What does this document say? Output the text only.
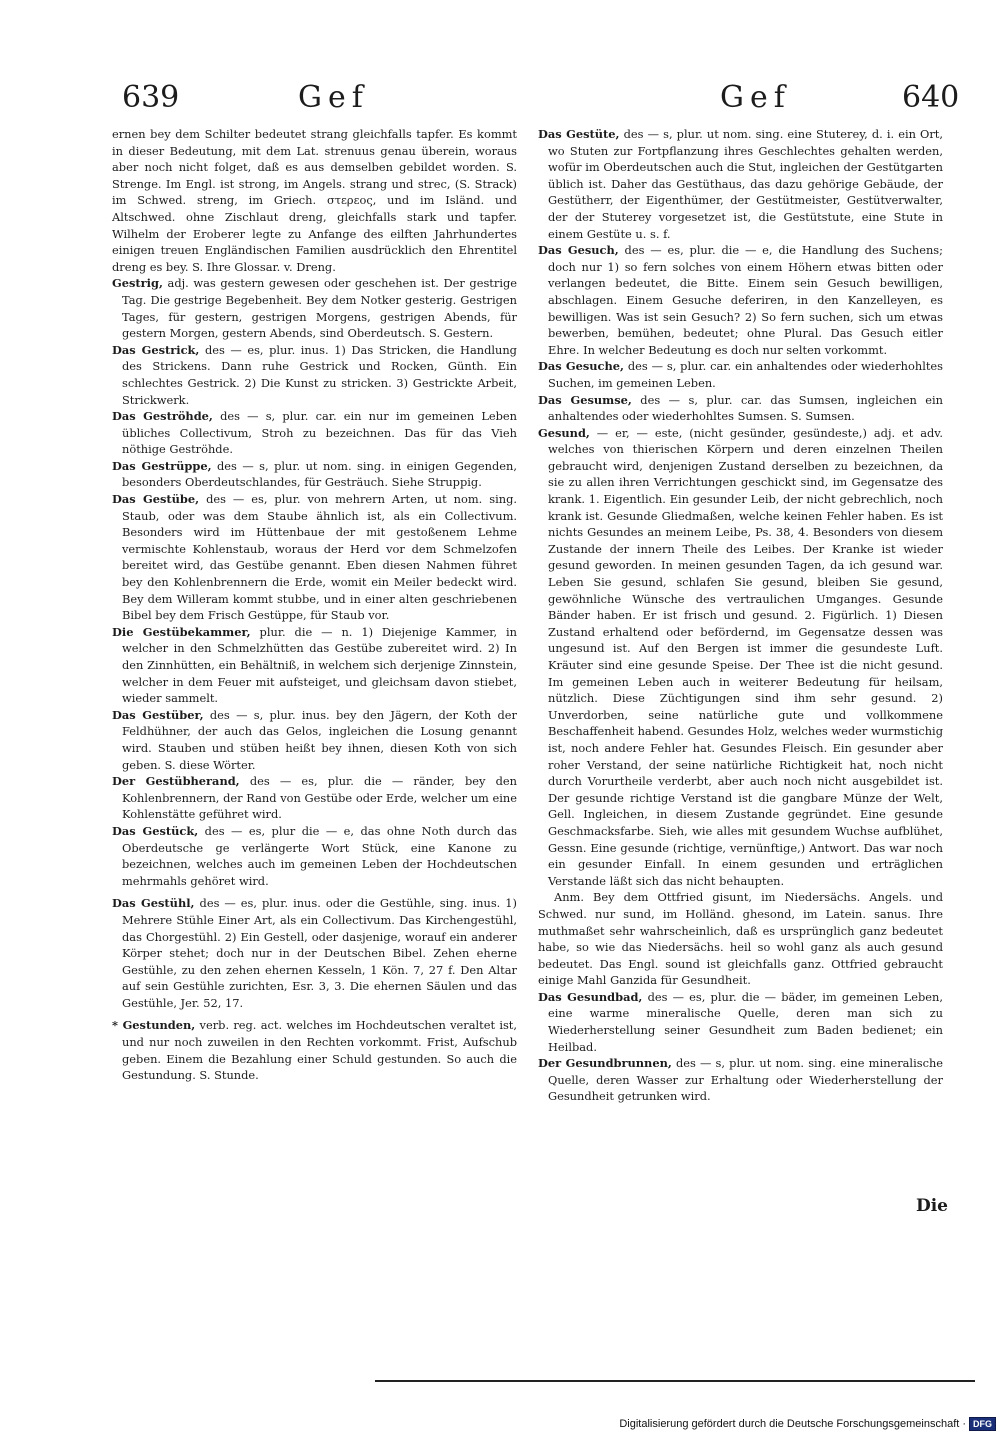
639	Gef	Gef	640
ernen bey dem Schilter bedeutet strang gleichfalls tapfer. Es kommt in dieser Bedeutung, mit dem Lat. strenuus genau überein, woraus aber noch nicht folget, daß es aus demselben gebildet worden. S. Strenge. Im Engl. ist strong, im Angels. strang und strec, (S. Strack) im Schwed. streng, im Griech. στερεος, und im Isländ. und Altschwed. ohne Zischlaut dreng, gleichfalls stark und tapfer. Wilhelm der Eroberer legte zu Anfange des eilften Jahrhundertes einigen treuen Engländischen Familien ausdrücklich den Ehrentitel dreng es bey. S. Ihre Glossar. v. Dreng.
Gestrig, adj. was gestern gewesen oder geschehen ist. Der gestrige Tag. Die gestrige Begebenheit. Bey dem Notker gesterig. Gestrigen Tages, für gestern, gestrigen Morgens, gestrigen Abends, für gestern Morgen, gestern Abends, sind Oberdeutsch. S. Gestern.
Das Gestrick, des — es, plur. inus. 1) Das Stricken, die Handlung des Strickens. Dann ruhe Gestrick und Rocken, Günth. Ein schlechtes Gestrick. 2) Die Kunst zu stricken. 3) Gestrickte Arbeit, Strickwerk.
Das Geströhde, des — s, plur. car. ein nur im gemeinen Leben übliches Collectivum, Stroh zu bezeichnen. Das für das Vieh nöthige Geströhde.
Das Gestrüppe, des — s, plur. ut nom. sing. in einigen Gegenden, besonders Oberdeutschlandes, für Gesträuch. Siehe Struppig.
Das Gestübe, des — es, plur. von mehrern Arten, ut nom. sing. Staub, oder was dem Staube ähnlich ist, als ein Collectivum. Besonders wird im Hüttenbaue der mit gestoßenem Lehme vermischte Kohlenstaub, woraus der Herd vor dem Schmelzofen bereitet wird, das Gestübe genannt. Eben diesen Nahmen führet bey den Kohlenbrennern die Erde, womit ein Meiler bedeckt wird. Bey dem Willeram kommt stubbe, und in einer alten geschriebenen Bibel bey dem Frisch Gestüppe, für Staub vor.
Die Gestübekammer, plur. die — n. 1) Diejenige Kammer, in welcher in den Schmelzhütten das Gestübe zubereitet wird. 2) In den Zinnhütten, ein Behältniß, in welchem sich derjenige Zinnstein, welcher in dem Feuer mit aufsteiget, und gleichsam davon stiebet, wieder sammelt.
Das Gestüber, des — s, plur. inus. bey den Jägern, der Koth der Feldhühner, der auch das Gelos, ingleichen die Losung genannt wird. Stauben und stüben heißt bey ihnen, diesen Koth von sich geben. S. diese Wörter.
Der Gestübherand, des — es, plur. die — ränder, bey den Kohlenbrennern, der Rand von Gestübe oder Erde, welcher um eine Kohlenstätte geführet wird.
Das Gestück, des — es, plur die — e, das ohne Noth durch das Oberdeutsche ge verlängerte Wort Stück, eine Kanone zu bezeichnen, welches auch im gemeinen Leben der Hochdeutschen mehrmahls gehöret wird.
Das Gestühl, des — es, plur. inus. oder die Gestühle, sing. inus. 1) Mehrere Stühle Einer Art, als ein Collectivum. Das Kirchengestühl, das Chorgestühl. 2) Ein Gestell, oder dasjenige, worauf ein anderer Körper stehet; doch nur in der Deutschen Bibel. Zehen eherne Gestühle, zu den zehen ehernen Kesseln, 1 Kön. 7, 27 f. Den Altar auf sein Gestühle zurichten, Esr. 3, 3. Die ehernen Säulen und das Gestühle, Jer. 52, 17.
* Gestunden, verb. reg. act. welches im Hochdeutschen veraltet ist, und nur noch zuweilen in den Rechten vorkommt. Frist, Aufschub geben. Einem die Bezahlung einer Schuld gestunden. So auch die Gestundung. S. Stunde.
Das Gestüte, des — s, plur. ut nom. sing. eine Stuterey, d. i. ein Ort, wo Stuten zur Fortpflanzung ihres Geschlechtes gehalten werden, wofür im Oberdeutschen auch die Stut, ingleichen der Gestütgarten üblich ist. Daher das Gestüthaus, das dazu gehörige Gebäude, der Gestütherr, der Eigenthümer, der Gestütmeister, Gestütverwalter, der der Stuterey vorgesetzet ist, die Gestütstute, eine Stute in einem Gestüte u. s. f.
Das Gesuch, des — es, plur. die — e, die Handlung des Suchens; doch nur 1) so fern solches von einem Höhern etwas bitten oder verlangen bedeutet, die Bitte. Einem sein Gesuch bewilligen, abschlagen. Einem Gesuche deferiren, in den Kanzelleyen, es bewilligen. Was ist sein Gesuch? 2) So fern suchen, sich um etwas bewerben, bemühen, bedeutet; ohne Plural. Das Gesuch eitler Ehre. In welcher Bedeutung es doch nur selten vorkommt.
Das Gesuche, des — s, plur. car. ein anhaltendes oder wiederhohltes Suchen, im gemeinen Leben.
Das Gesumse, des — s, plur. car. das Sumsen, ingleichen ein anhaltendes oder wiederhohltes Sumsen. S. Sumsen.
Gesund, — er, — este, (nicht gesünder, gesündeste,) adj. et adv. welches von thierischen Körpern und deren einzelnen Theilen gebraucht wird, denjenigen Zustand derselben zu bezeichnen, da sie zu allen ihren Verrichtungen geschickt sind, im Gegensatze des krank. 1. Eigentlich. Ein gesunder Leib, der nicht gebrechlich, noch krank ist. Gesunde Gliedmaßen, welche keinen Fehler haben. Es ist nichts Gesundes an meinem Leibe, Ps. 38, 4. Besonders von diesem Zustande der innern Theile des Leibes. Der Kranke ist wieder gesund geworden. In meinen gesunden Tagen, da ich gesund war. Leben Sie gesund, schlafen Sie gesund, bleiben Sie gesund, gewöhnliche Wünsche des vertraulichen Umganges. Gesunde Bänder haben. Er ist frisch und gesund. 2. Figürlich. 1) Diesen Zustand erhaltend oder befördernd, im Gegensatze dessen was ungesund ist. Auf den Bergen ist immer die gesundeste Luft. Kräuter sind eine gesunde Speise. Der Thee ist die nicht gesund. Im gemeinen Leben auch in weiterer Bedeutung für heilsam, nützlich. Diese Züchtigungen sind ihm sehr gesund. 2) Unverdorben, seine natürliche gute und vollkommene Beschaffenheit habend. Gesundes Holz, welches weder wurmstichig ist, noch andere Fehler hat. Gesundes Fleisch. Ein gesunder aber roher Verstand, der seine natürliche Richtigkeit hat, noch nicht durch Vorurtheile verderbt, aber auch noch nicht ausgebildet ist. Der gesunde richtige Verstand ist die gangbare Münze der Welt, Gell. Ingleichen, in diesem Zustande gegründet. Eine gesunde Geschmacksfarbe. Sieh, wie alles mit gesundem Wuchse aufblühet, Gessn. Eine gesunde (richtige, vernünftige,) Antwort. Das war noch ein gesunder Einfall. In einem gesunden und erträglichen Verstande läßt sich das nicht behaupten.
Anm. Bey dem Ottfried gisunt, im Niedersächs. Angels. und Schwed. nur sund, im Holländ. ghesond, im Latein. sanus. Ihre muthmaßet sehr wahrscheinlich, daß es ursprünglich ganz bedeutet habe, so wie das Niedersächs. heil so wohl ganz als auch gesund bedeutet. Das Engl. sound ist gleichfalls ganz. Ottfried gebraucht einige Mahl Ganzida für Gesundheit.
Das Gesundbad, des — es, plur. die — bäder, im gemeinen Leben, eine warme mineralische Quelle, deren man sich zu Wiederherstellung seiner Gesundheit zum Baden bedienet; ein Heilbad.
Der Gesundbrunnen, des — s, plur. ut nom. sing. eine mineralische Quelle, deren Wasser zur Erhaltung oder Wiederherstellung der Gesundheit getrunken wird.
Die
Digitalisierung gefördert durch die Deutsche Forschungsgemeinschaft · DFG
